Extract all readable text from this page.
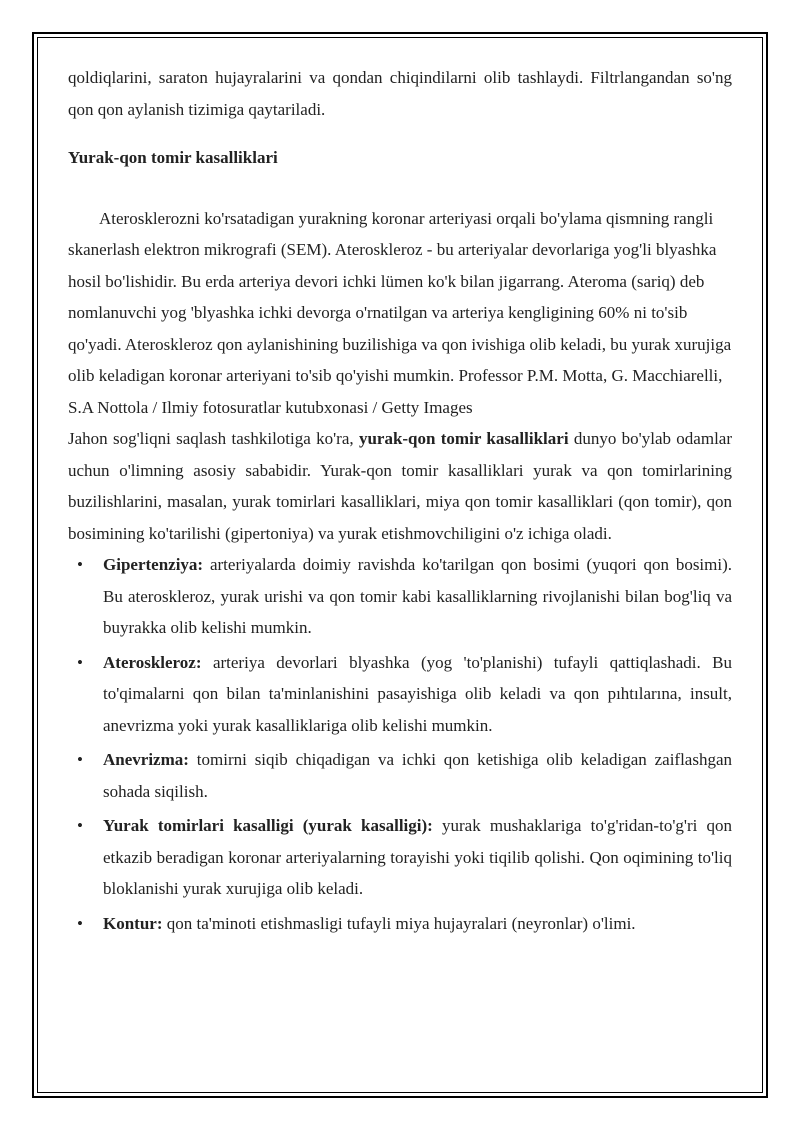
qoldiqlarini, saraton hujayralarini va qondan chiqindilarni olib tashlaydi. Filtrlangandan so'ng qon qon aylanish tizimiga qaytariladi.

Yurak-qon tomir kasalliklari

Aterosklerozni ko'rsatadigan yurakning koronar arteriyasi orqali bo'ylama qismning rangli skanerlash elektron mikrografi (SEM). Ateroskleroz - bu arteriyalar devorlariga yog'li blyashka hosil bo'lishidir. Bu erda arteriya devori ichki lümen ko'k bilan jigarrang. Ateroma (sariq) deb nomlanuvchi yog 'blyashka ichki devorga o'rnatilgan va arteriya kengligining 60% ni to'sib qo'yadi. Ateroskleroz qon aylanishining buzilishiga va qon ivishiga olib keladi, bu yurak xurujiga olib keladigan koronar arteriyani to'sib qo'yishi mumkin. Professor P.M. Motta, G. Macchiarelli, S.A Nottola / Ilmiy fotosuratlar kutubxonasi / Getty Images

Jahon sog'liqni saqlash tashkilotiga ko'ra, yurak-qon tomir kasalliklari dunyo bo'ylab odamlar uchun o'limning asosiy sababidir. Yurak-qon tomir kasalliklari yurak va qon tomirlarining buzilishlarini, masalan, yurak tomirlari kasalliklari, miya qon tomir kasalliklari (qon tomir), qon bosimining ko'tarilishi (gipertoniya) va yurak etishmovchiligini o'z ichiga oladi.

• Gipertenziya: arteriyalarda doimiy ravishda ko'tarilgan qon bosimi (yuqori qon bosimi). Bu ateroskleroz, yurak urishi va qon tomir kabi kasalliklarning rivojlanishi bilan bog'liq va buyrakka olib kelishi mumkin.
• Ateroskleroz: arteriya devorlari blyashka (yog 'to'planishi) tufayli qattiqlashadi. Bu to'qimalarni qon bilan ta'minlanishini pasayishiga olib keladi va qon pıhtılarına, insult, anevrizma yoki yurak kasalliklariga olib kelishi mumkin.
• Anevrizma: tomirni siqib chiqadigan va ichki qon ketishiga olib keladigan zaiflashgan sohada siqilish.
• Yurak tomirlari kasalligi (yurak kasalligi): yurak mushaklariga to'g'ridan-to'g'ri qon etkazib beradigan koronar arteriyalarning torayishi yoki tiqilib qolishi. Qon oqimining to'liq bloklanishi yurak xurujiga olib keladi.
• Kontur: qon ta'minoti etishmasligi tufayli miya hujayralari (neyronlar) o'limi.
